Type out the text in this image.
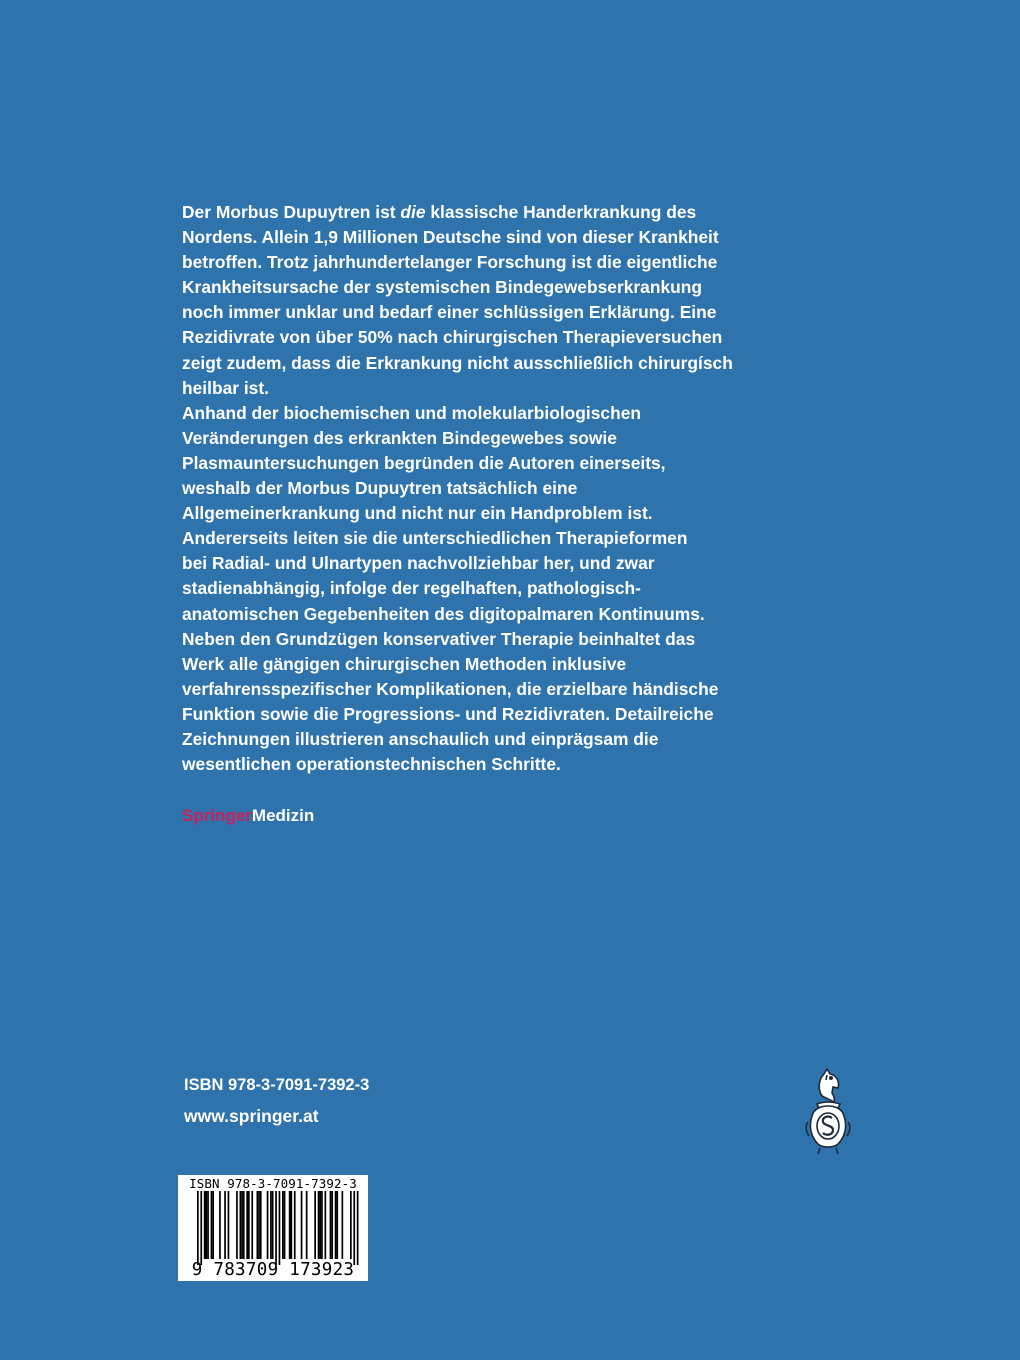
Der Morbus Dupuytren ist die klassische Handerkrankung des
Nordens. Allein 1,9 Millionen Deutsche sind von dieser Krankheit
betroffen. Trotz jahrhundertelanger Forschung ist die eigentliche
Krankheitsursache der systemischen Bindegewebserkrankung
noch immer unklar und bedarf einer schlüssigen Erklärung. Eine
Rezidivrate von über 50% nach chirurgischen Therapieversuchen
zeigt zudem, dass die Erkrankung nicht ausschließlich chirurgísch
heilbar ist.
Anhand der biochemischen und molekularbiologischen
Veränderungen des erkrankten Bindegewebes sowie
Plasmauntersuchungen begründen die Autoren einerseits,
weshalb der Morbus Dupuytren tatsächlich eine
Allgemeinerkrankung und nicht nur ein Handproblem ist.
Andererseits leiten sie die unterschiedlichen Therapieformen
bei Radial- und Ulnartypen nachvollziehbar her, und zwar
stadienabhängig, infolge der regelhaften, pathologisch-
anatomischen Gegebenheiten des digitopalmaren Kontinuums.
Neben den Grundzügen konservativer Therapie beinhaltet das
Werk alle gängigen chirurgischen Methoden inklusive
verfahrensspezifischer Komplikationen, die erzielbare händische
Funktion sowie die Progressions- und Rezidivraten. Detailreiche
Zeichnungen illustrieren anschaulich und einprägsam die
wesentlichen operationstechnischen Schritte.
SpringerMedizin
ISBN 978-3-7091-7392-3
www.springer.at
ISBN 978-3-7091-7392-3
9 783709 173923
